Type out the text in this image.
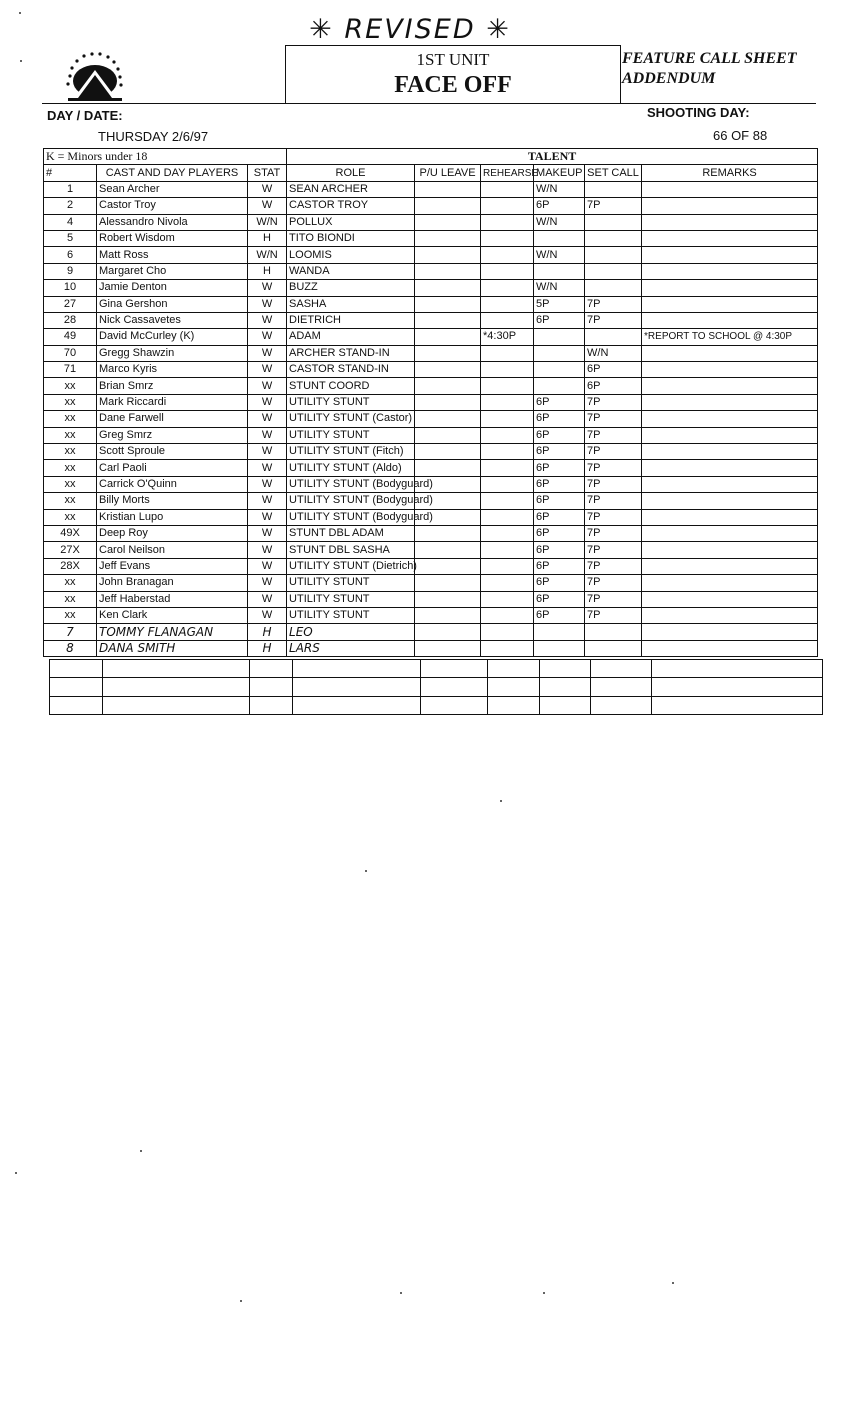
✳ REVISED ✳
1ST UNIT
FACE OFF
FEATURE CALL SHEET
ADDENDUM
DAY / DATE:
THURSDAY 2/6/97
SHOOTING DAY:
66 OF 88
K = Minors under 18			TALENT					
#	CAST AND DAY PLAYERS	STAT	ROLE	P/U LEAVE	REHEARSE	MAKEUP	SET CALL	REMARKS
1	Sean Archer	W	SEAN ARCHER			W/N		
2	Castor Troy	W	CASTOR TROY			6P	7P	
4	Alessandro Nivola	W/N	POLLUX			W/N		
5	Robert Wisdom	H	TITO BIONDI					
6	Matt Ross	W/N	LOOMIS			W/N		
9	Margaret Cho	H	WANDA					
10	Jamie Denton	W	BUZZ			W/N		
27	Gina Gershon	W	SASHA			5P	7P	
28	Nick Cassavetes	W	DIETRICH			6P	7P	
49	David McCurley (K)	W	ADAM		*4:30P			*REPORT TO SCHOOL @ 4:30P
70	Gregg Shawzin	W	ARCHER STAND-IN				W/N	
71	Marco Kyris	W	CASTOR STAND-IN				6P	
xx	Brian Smrz	W	STUNT COORD				6P	
xx	Mark Riccardi	W	UTILITY STUNT			6P	7P	
xx	Dane Farwell	W	UTILITY STUNT (Castor)			6P	7P	
xx	Greg Smrz	W	UTILITY STUNT			6P	7P	
xx	Scott Sproule	W	UTILITY STUNT (Fitch)			6P	7P	
xx	Carl Paoli	W	UTILITY STUNT (Aldo)			6P	7P	
xx	Carrick O'Quinn	W	UTILITY STUNT (Bodyguard)			6P	7P	
xx	Billy Morts	W	UTILITY STUNT (Bodyguard)			6P	7P	
xx	Kristian Lupo	W	UTILITY STUNT (Bodyguard)			6P	7P	
49X	Deep Roy	W	STUNT DBL ADAM			6P	7P	
27X	Carol Neilson	W	STUNT DBL SASHA			6P	7P	
28X	Jeff Evans	W	UTILITY STUNT (Dietrich)			6P	7P	
xx	John Branagan	W	UTILITY STUNT			6P	7P	
xx	Jeff Haberstad	W	UTILITY STUNT			6P	7P	
xx	Ken Clark	W	UTILITY STUNT			6P	7P	
7	TOMMY FLANAGAN	H	LEO					
8	DANA SMITH	H	LARS					
